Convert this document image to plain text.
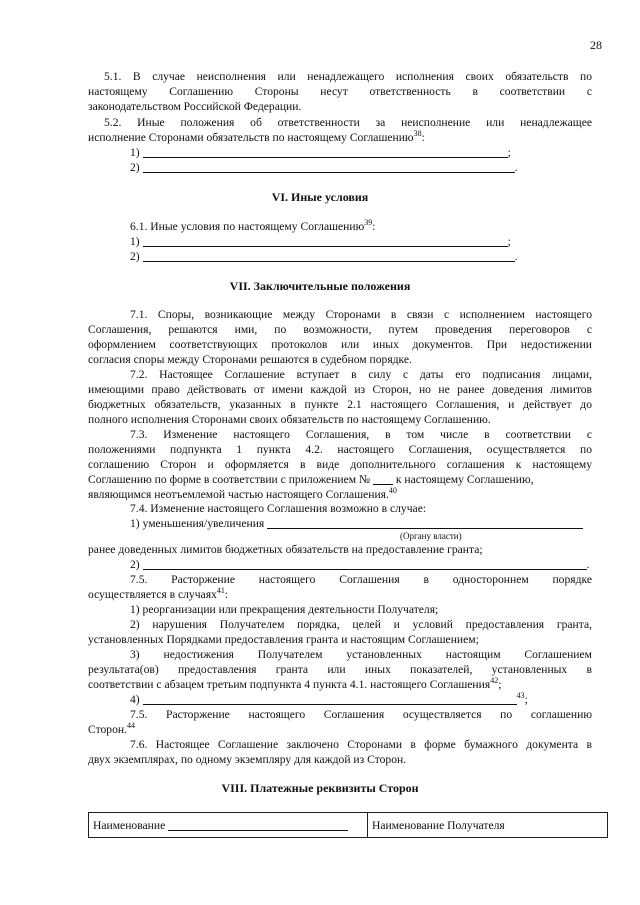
28
5.1. В случае неисполнения или ненадлежащего исполнения своих обязательств по
настоящему Соглашению Стороны несут ответственность в соответствии с
законодательством Российской Федерации.
5.2. Иные положения об ответственности за неисполнение или ненадлежащее
исполнение Сторонами обязательств по настоящему Соглашению$^{38}$:
1)	;
2)	.
VI. Иные условия
6.1. Иные условия по настоящему Соглашению$^{39}$:
1)	;
2)	.
VII. Заключительные положения
7.1. Споры, возникающие между Сторонами в связи с исполнением настоящего
Соглашения, решаются ими, по возможности, путем проведения переговоров с
оформлением соответствующих протоколов или иных документов. При недостижении
согласия споры между Сторонами решаются в судебном порядке.
7.2. Настоящее Соглашение вступает в силу с даты его подписания лицами,
имеющими право действовать от имени каждой из Сторон, но не ранее доведения лимитов
бюджетных обязательств, указанных в пункте 2.1 настоящего Соглашения, и действует до
полного исполнения Сторонами своих обязательств по настоящему Соглашению.
7.3. Изменение настоящего Соглашения, в том числе в соответствии с
положениями подпункта 1 пункта 4.2. настоящего Соглашения, осуществляется по
соглашению Сторон и оформляется в виде дополнительного соглашения к настоящему
Соглашению по форме в соответствии с приложением № к настоящему Соглашению,
являющимся неотъемлемой частью настоящего Соглашения.$^{40}$
7.4. Изменение настоящего Соглашения возможно в случае:
1) уменьшения/увеличения
(Органу власти)
ранее доведенных лимитов бюджетных обязательств на предоставление гранта;
2)	.
7.5. Расторжение настоящего Соглашения в одностороннем порядке
осуществляется в случаях$^{41}$:
1) реорганизации или прекращения деятельности Получателя;
2) нарушения Получателем порядка, целей и условий предоставления гранта,
установленных Порядками предоставления гранта и настоящим Соглашением;
3) недостижения Получателем установленных настоящим Соглашением
результата(ов) предоставления гранта или иных показателей, установленных в
соответствии с абзацем третьим подпункта 4 пункта 4.1. настоящего Соглашения$^{42}$;
4)	$^{43}$;
7.5. Расторжение настоящего Соглашения осуществляется по соглашению
Сторон.$^{44}$
7.6. Настоящее Соглашение заключено Сторонами в форме бумажного документа в
двух экземплярах, по одному экземпляру для каждой из Сторон.
VIII. Платежные реквизиты Сторон
Наименование	Наименование Получателя
